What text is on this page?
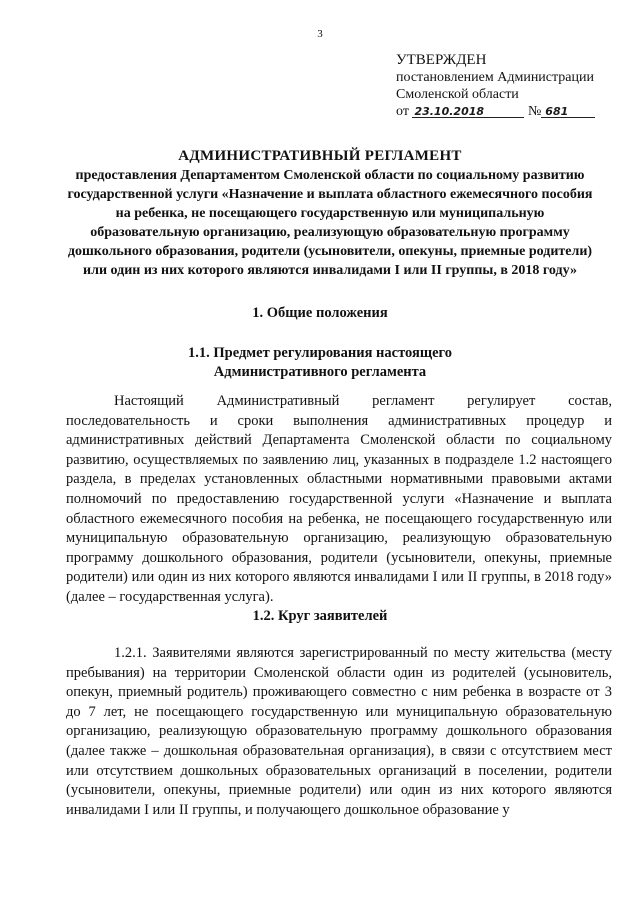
3
УТВЕРЖДЕН
постановлением Администрации
Смоленской области
от 23.10.2018	№ 681
АДМИНИСТРАТИВНЫЙ РЕГЛАМЕНТ
предоставления Департаментом Смоленской области по социальному развитию государственной услуги «Назначение и выплата областного ежемесячного пособия на ребенка, не посещающего государственную или муниципальную образовательную организацию, реализующую образовательную программу дошкольного образования, родители (усыновители, опекуны, приемные родители) или один из них которого являются инвалидами I или II группы, в 2018 году»
1. Общие положения
1.1. Предмет регулирования настоящего
Административного регламента
Настоящий Административный регламент регулирует состав, последовательность и сроки выполнения административных процедур и административных действий Департамента Смоленской области по социальному развитию, осуществляемых по заявлению лиц, указанных в подразделе 1.2 настоящего раздела, в пределах установленных областными нормативными правовыми актами полномочий по предоставлению государственной услуги «Назначение и выплата областного ежемесячного пособия на ребенка, не посещающего государственную или муниципальную образовательную организацию, реализующую образовательную программу дошкольного образования, родители (усыновители, опекуны, приемные родители) или один из них которого являются инвалидами I или II группы, в 2018 году» (далее – государственная услуга).
1.2. Круг заявителей
1.2.1. Заявителями являются зарегистрированный по месту жительства (месту пребывания) на территории Смоленской области один из родителей (усыновитель, опекун, приемный родитель) проживающего совместно с ним ребенка в возрасте от 3 до 7 лет, не посещающего государственную или муниципальную образовательную организацию, реализующую образовательную программу дошкольного образования (далее также – дошкольная образовательная организация), в связи с отсутствием мест или отсутствием дошкольных образовательных организаций в поселении, родители (усыновители, опекуны, приемные родители) или один из них которого являются инвалидами I или II группы, и получающего дошкольное образование у
